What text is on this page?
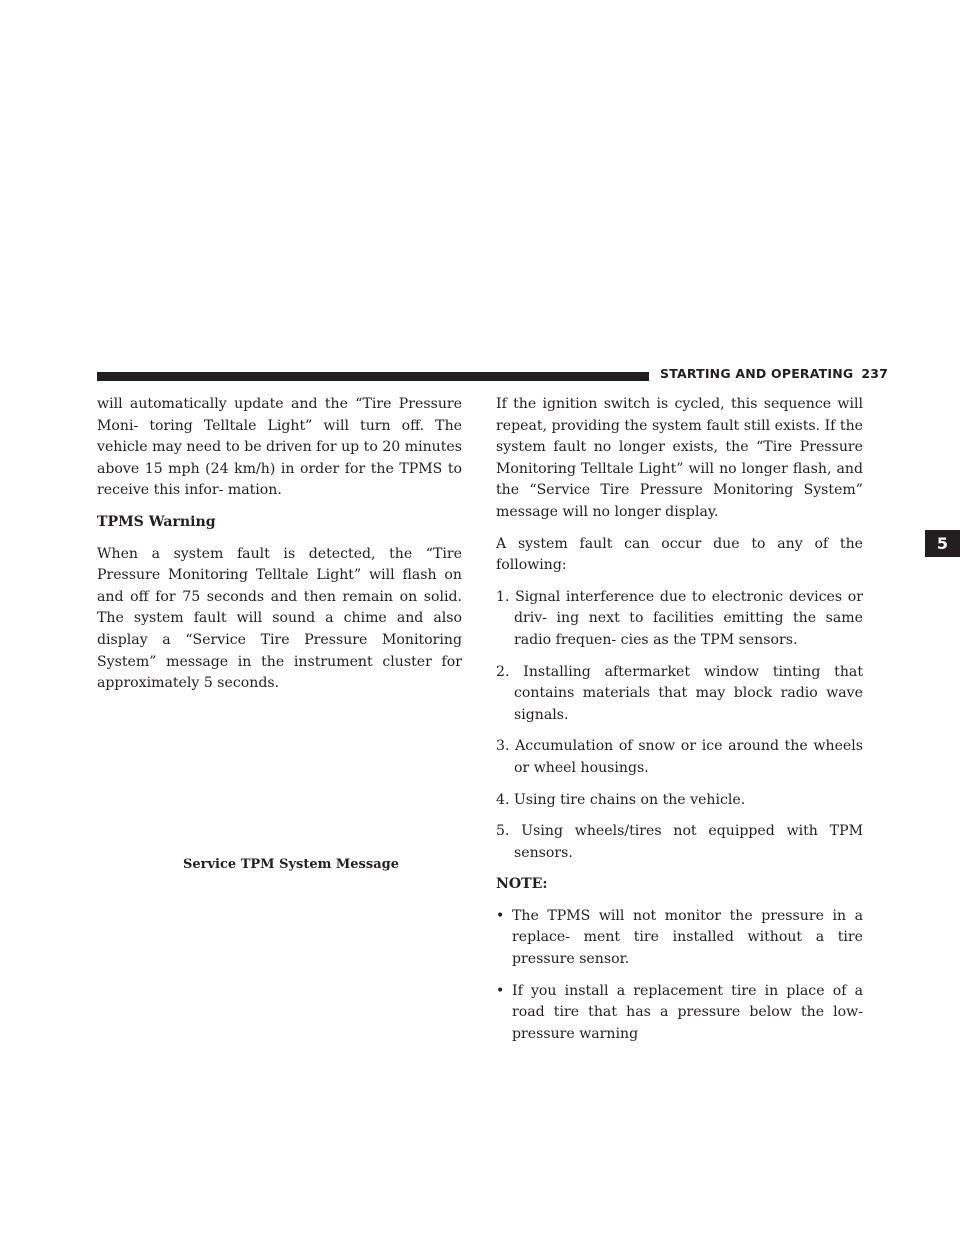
STARTING AND OPERATING 237
5

will automatically update and the “Tire Pressure Moni- toring Telltale Light” will turn off. The vehicle may need to be driven for up to 20 minutes above 15 mph (24 km/h) in order for the TPMS to receive this infor- mation.

TPMS Warning

When a system fault is detected, the “Tire Pressure Monitoring Telltale Light” will flash on and off for 75 seconds and then remain on solid. The system fault will sound a chime and also display a “Service Tire Pressure Monitoring System” message in the instrument cluster for approximately 5 seconds.

Service TPM System Message

If the ignition switch is cycled, this sequence will repeat, providing the system fault still exists. If the system fault no longer exists, the “Tire Pressure Monitoring Telltale Light” will no longer flash, and the “Service Tire Pressure Monitoring System” message will no longer display.

A system fault can occur due to any of the following:

1. Signal interference due to electronic devices or driv- ing next to facilities emitting the same radio frequen- cies as the TPM sensors.
2. Installing aftermarket window tinting that contains materials that may block radio wave signals.
3. Accumulation of snow or ice around the wheels or wheel housings.
4. Using tire chains on the vehicle.
5. Using wheels/tires not equipped with TPM sensors.
NOTE:
• The TPMS will not monitor the pressure in a replace- ment tire installed without a tire pressure sensor.
• If you install a replacement tire in place of a road tire that has a pressure below the low-pressure warning
